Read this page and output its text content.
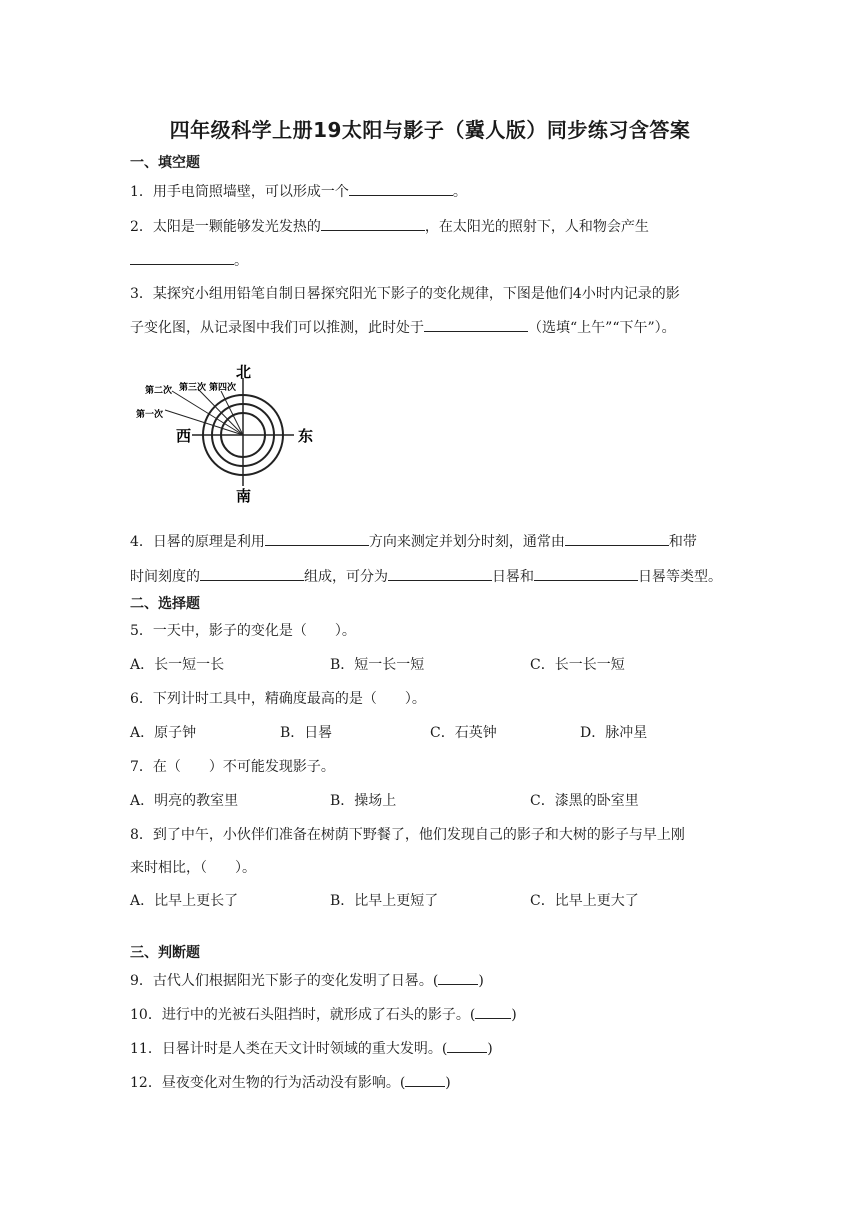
四年级科学上册19太阳与影子（冀人版）同步练习含答案
一、填空题
1．用手电筒照墙壁，可以形成一个	。
2．太阳是一颗能够发光发热的	，在太阳光的照射下，人和物会产生
。
3．某探究小组用铅笔自制日晷探究阳光下影子的变化规律，下图是他们4小时内记录的影
子变化图，从记录图中我们可以推测，此时处于	（选填“上午”“下午”）。
北
南
东
西
第一次
第二次 第三次 第四次
4．日晷的原理是利用	方向来测定并划分时刻，通常由	和带
时间刻度的	组成，可分为	日晷和	日晷等类型。
二、选择题
5．一天中，影子的变化是（　　）。
A．长一短一长	B．短一长一短	C．长一长一短
6．下列计时工具中，精确度最高的是（　　）。
A．原子钟	B．日晷	C．石英钟	D．脉冲星
7．在（　　）不可能发现影子。
A．明亮的教室里	B．操场上	C．漆黑的卧室里
8．到了中午，小伙伴们准备在树荫下野餐了，他们发现自己的影子和大树的影子与早上刚
来时相比，（　　）。
A．比早上更长了	B．比早上更短了	C．比早上更大了
三、判断题
9．古代人们根据阳光下影子的变化发明了日晷。(	)
10．进行中的光被石头阻挡时，就形成了石头的影子。(	)
11．日晷计时是人类在天文计时领域的重大发明。(	)
12．昼夜变化对生物的行为活动没有影响。(	)
